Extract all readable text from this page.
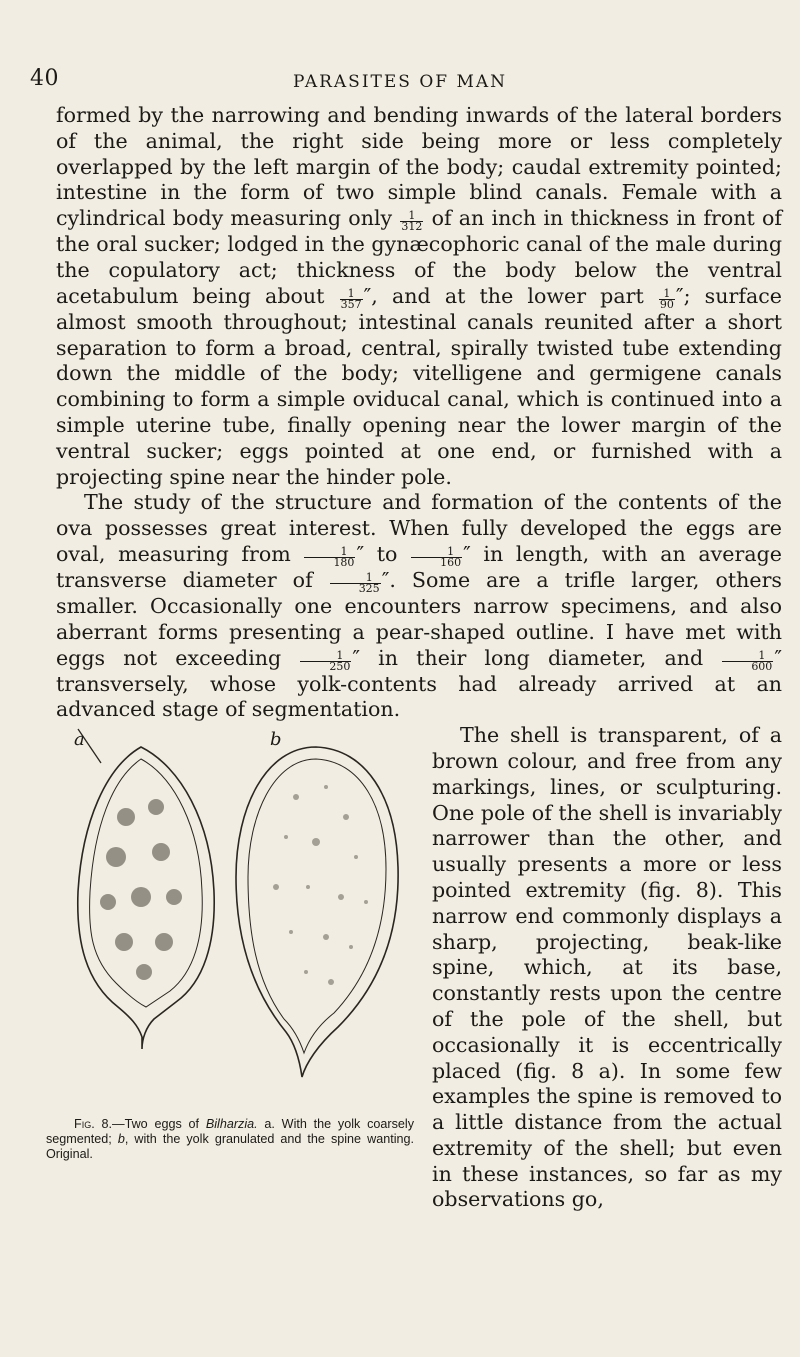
40	PARASITES OF MAN

formed by the narrowing and bending inwards of the lateral borders of the animal, the right side being more or less completely overlapped by the left margin of the body; caudal extremity pointed; intestine in the form of two simple blind canals. Female with a cylindrical body measuring only $\frac{1}{312}$ of an inch in thickness in front of the oral sucker; lodged in the gynæcophoric canal of the male during the copulatory act; thickness of the body below the ventral acetabulum being about $\frac{1}{357}$ ″, and at the lower part $\frac{1}{90}$ ″; surface almost smooth throughout; intestinal canals reunited after a short separation to form a broad, central, spirally twisted tube extending down the middle of the body; vitelligene and germigene canals combining to form a simple oviducal canal, which is continued into a simple uterine tube, finally opening near the lower margin of the ventral sucker; eggs pointed at one end, or furnished with a projecting spine near the hinder pole.

The study of the structure and formation of the contents of the ova possesses great interest. When fully developed the eggs are oval, measuring from $\frac{1}{180}$ ″ to $\frac{1}{160}$ ″ in length, with an average transverse diameter of $\frac{1}{325}$ ″. Some are a trifle larger, others smaller. Occasionally one encounters narrow specimens, and also aberrant forms presenting a pear-shaped outline. I have met with eggs not exceeding $\frac{1}{250}$ ″ in their long diameter, and $\frac{1}{600}$ ″ transversely, whose yolk-contents had already arrived at an advanced stage of segmentation.

a	b
Fig. 8.—Two eggs of Bilharzia. a. With the yolk coarsely segmented; b, with the yolk granulated and the spine wanting. Original.
The shell is transparent, of a brown colour, and free from any markings, lines, or sculpturing. One pole of the shell is invariably narrower than the other, and usually presents a more or less pointed extremity (fig. 8). This narrow end commonly displays a sharp, projecting, beak-like spine, which, at its base, constantly rests upon the centre of the pole of the shell, but occasionally it is eccentrically placed (fig. 8 a). In some few examples the spine is removed to a little distance from the actual extremity of the shell; but even in these instances, so far as my observations go,
